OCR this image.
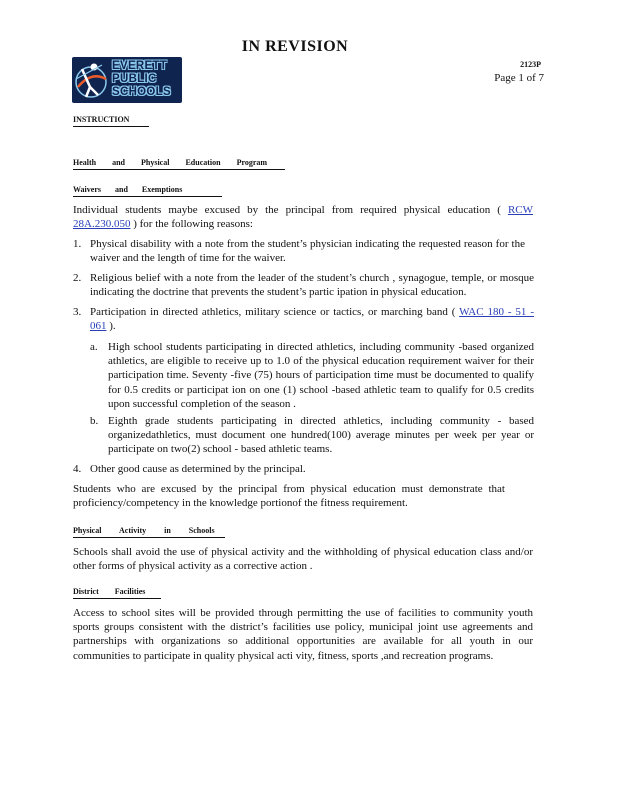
IN REVISION
EVERETT
PUBLIC
SCHOOLS
2123P
Page 1 of 7
INSTRUCTION
Health and Physical Education Program
Waivers and Exemptions
Individual students maybe excused by the principal from required physical education ( RCW 28A.230.050 ) for the following reasons:
1. Physical disability with a note from the student’s physician indicating the requested reason for the waiver and the length of time for the waiver.
2. Religious belief with a note from the leader of the student’s church , synagogue, temple, or mosque indicating the doctrine that prevents the student’s partic ipation in physical education.
3. Participation in directed athletics, military science or tactics, or marching band ( WAC 180 - 51 - 061 ).
a. High school students participating in directed athletics, including community -based organized athletics, are eligible to receive up to 1.0 of the physical education requirement waiver for their participation time. Seventy -five (75) hours of participation time must be documented to qualify for 0.5 credits or participat ion on one (1) school -based athletic team to qualify for 0.5 credits upon successful completion of the season .
b. Eighth grade students participating in directed athletics, including community - based organizedathletics, must document one hundred(100) average minutes per week per year or participate on two(2) school - based athletic teams.
4. Other good cause as determined by the principal.
Students who are excused by the principal from physical education must demonstrate that proficiency/competency in the knowledge portionof the fitness requirement.
Physical Activity in Schools
Schools shall avoid the use of physical activity and the withholding of physical education class and/or other forms of physical activity as a corrective action .
District Facilities
Access to school sites will be provided through permitting the use of facilities to community youth sports groups consistent with the district’s facilities use policy, municipal joint use agreements and partnerships with organizations so additional opportunities are available for all youth in our communities to participate in quality physical acti vity, fitness, sports ,and recreation programs.
